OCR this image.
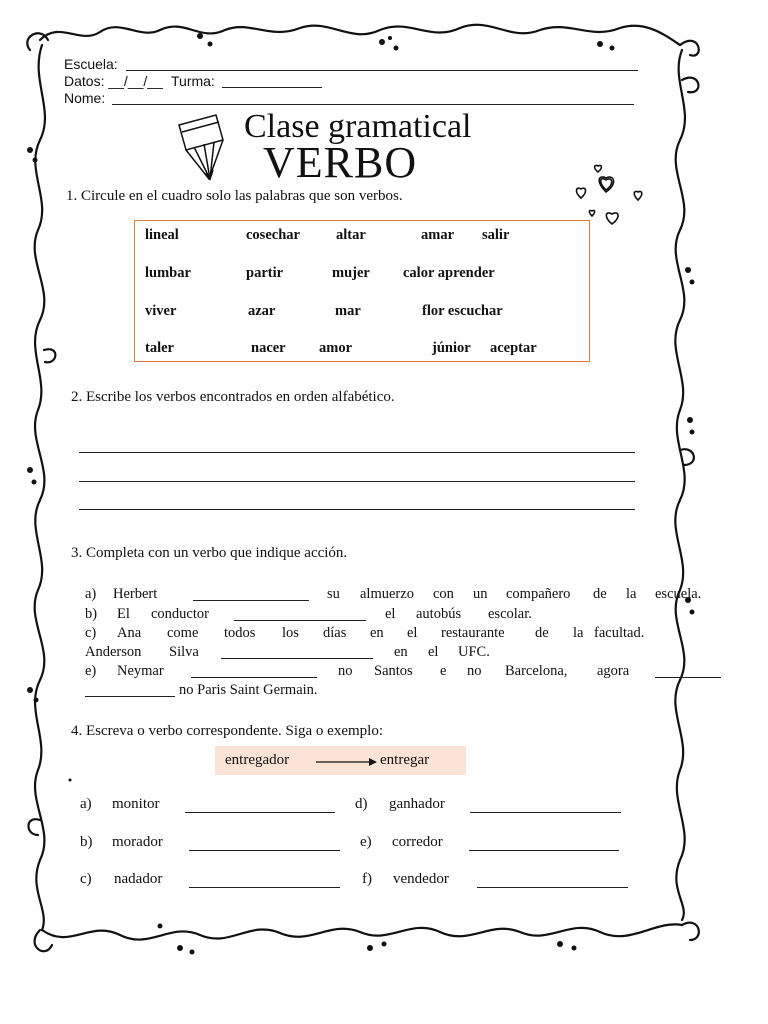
Escuela:
Datos: __/__/__ Turma:
Nome:
Clase gramatical
VERBO
1. Circule en el cuadro solo las palabras que son verbos.
lineal	cosechar altar	amar salir
lumbar	partir	mujer calor aprender
viver	azar	mar	flor escuchar
taler	nacer amor	júnior aceptar
2. Escribe los verbos encontrados en orden alfabético.
3. Completa con un verbo que indique acción.
a) Herbert	su almuerzo con un compañero de la escuela.
b) El conductor	el autobús escolar.
c) Ana come todos los días en el restaurante de la facultad.
Anderson Silva	en el UFC.
e) Neymar	no Santos e no Barcelona, agora
no Paris Saint Germain.
4. Escreva o verbo correspondente. Siga o exemplo:
entregador	entregar
a) monitor	d) ganhador
b) morador	e) corredor
c) nadador	f) vendedor
